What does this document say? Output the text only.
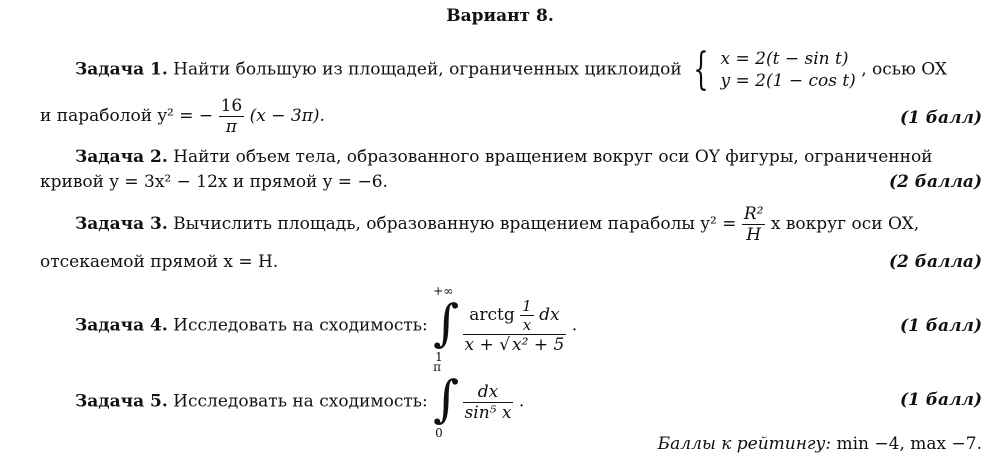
Вариант 8.
Задача 1. Найти большую из площадей, ограниченных циклоидой { x = 2(t − sin t)
y = 2(1 − cos t)
, осью OX
и параболой y² = − $\frac{16}{\pi} (x - 3\pi)$.	(1 балл)
Задача 2. Найти объем тела, образованного вращением вокруг оси OY фигуры, ограниченной
кривой y = 3x² − 12x и прямой y = −6.	(2 балла)
Задача 3. Вычислить площадь, образованную вращением параболы $y^2 = \frac{\text{R²}}{H}$ x вокруг оси OX,
отсекаемой прямой x = H.	(2 балла)
Задача 4. Исследовать на сходимость:
+∞
∫
1

$\frac{arctg \frac{1}{x} dx}{\text{x + √ x² + 5}}$ .	(1 балл)
Задача 5. Исследовать на сходимость:
π
∫
0

$\frac{dx}{\text{sin⁵ x}}$ .	(1 балл)
Баллы к рейтингу: min −4, max −7.
